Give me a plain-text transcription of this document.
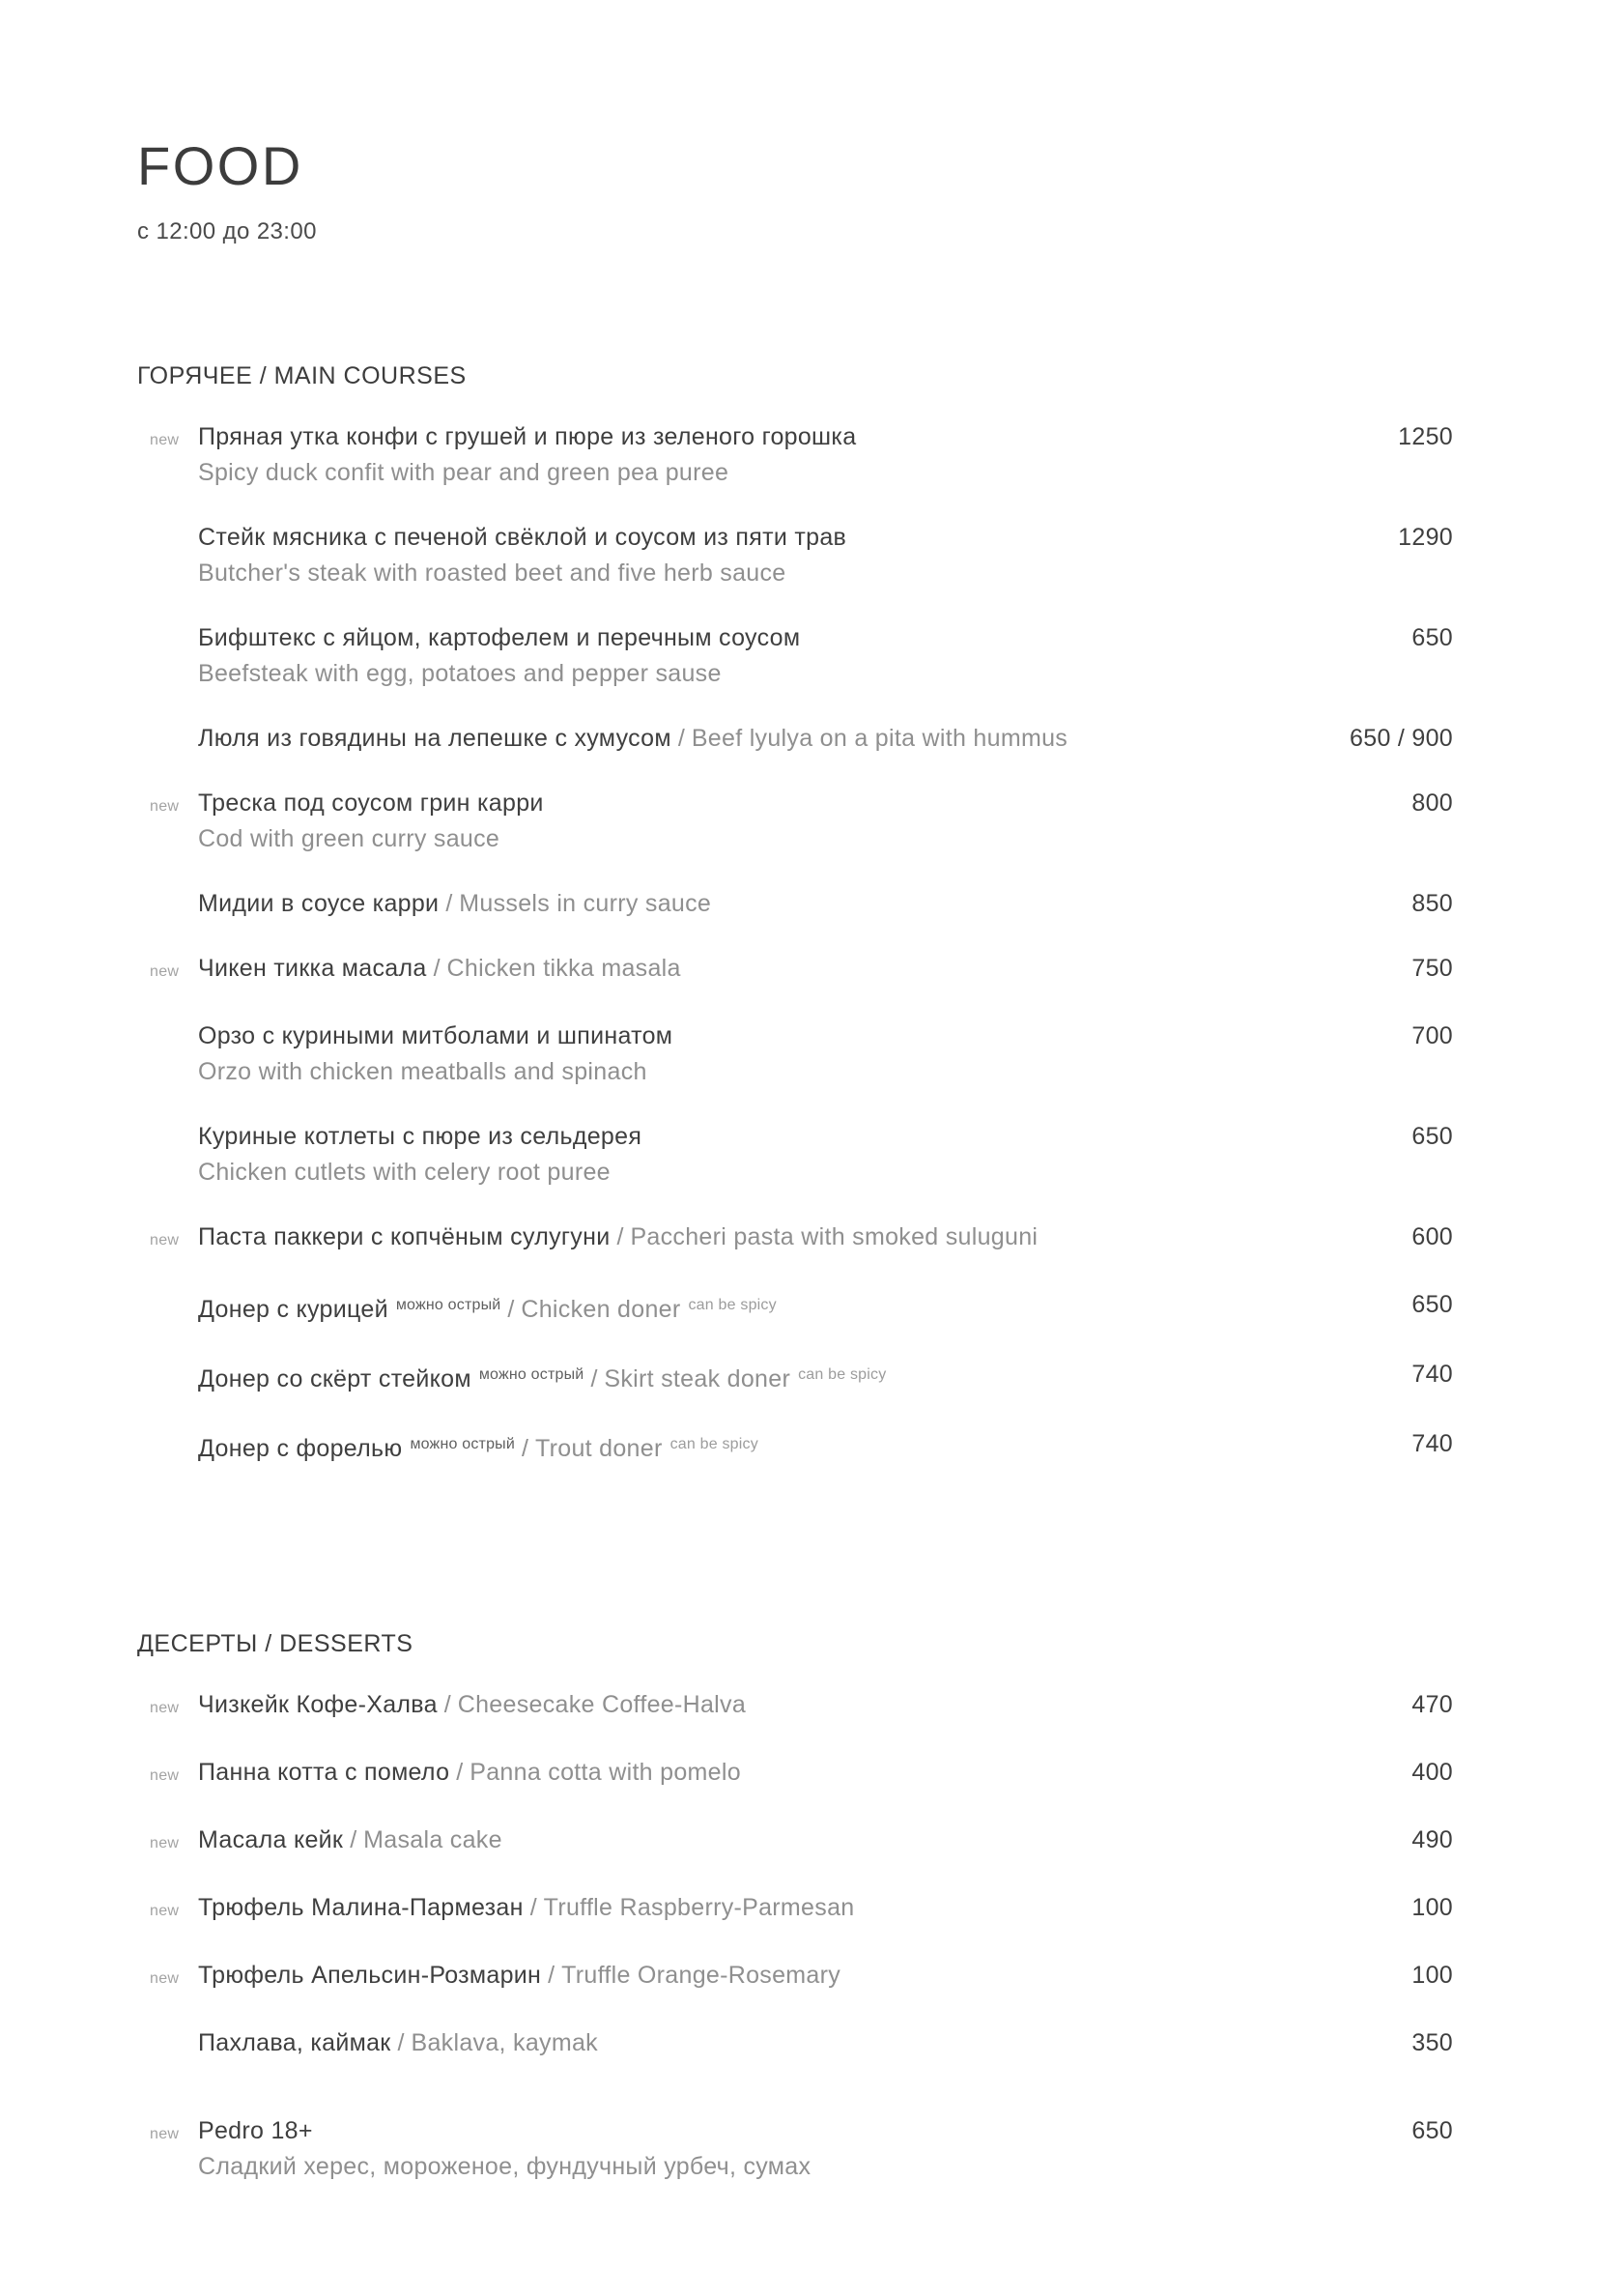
FOOD
с 12:00 до 23:00
ГОРЯЧЕЕ / MAIN COURSES
new Пряная утка конфи с грушей и пюре из зеленого горошка
Spicy duck confit with pear and green pea puree
1250
Стейк мясника с печеной свёклой и соусом из пяти трав
Butcher's steak with roasted beet and five herb sauce
1290
Бифштекс с яйцом, картофелем и перечным соусом
Beefsteak with egg, potatoes and pepper sause
650
Люля из говядины на лепешке с хумусом / Beef lyulya on a pita with hummus	650 / 900
new Треска под соусом грин карри
Cod with green curry sauce
800
Мидии в соусе карри / Mussels in curry sauce	850
new Чикен тикка масала / Chicken tikka masala	750
Орзо с куриными митболами и шпинатом
Orzo with chicken meatballs and spinach
700
Куриные котлеты с пюре из сельдерея
Chicken cutlets with celery root puree
650
new Паста паккери с копчёным сулугуни / Paccheri pasta with smoked suluguni	600
Донер с курицей $^{можно острый}$ / Chicken doner $^{can be spicy}$	650
Донер со скёрт стейком $^{можно острый}$ / Skirt steak doner $^{can be spicy}$	740
Донер с форелью $^{можно острый}$ / Trout doner $^{can be spicy}$	740
ДЕСЕРТЫ / DESSERTS
new Чизкейк Кофе-Халва / Cheesecake Coffee-Halva	470
new Панна котта с помело / Panna cotta with pomelo	400
new Масала кейк / Masala cake	490
new Трюфель Малина-Пармезан / Truffle Raspberry-Parmesan	100
new Трюфель Апельсин-Розмарин / Truffle Orange-Rosemary	100
Пахлава, каймак / Baklava, kaymak	350
new Pedro 18+
Сладкий херес, мороженое, фундучный урбеч, сумах
650
